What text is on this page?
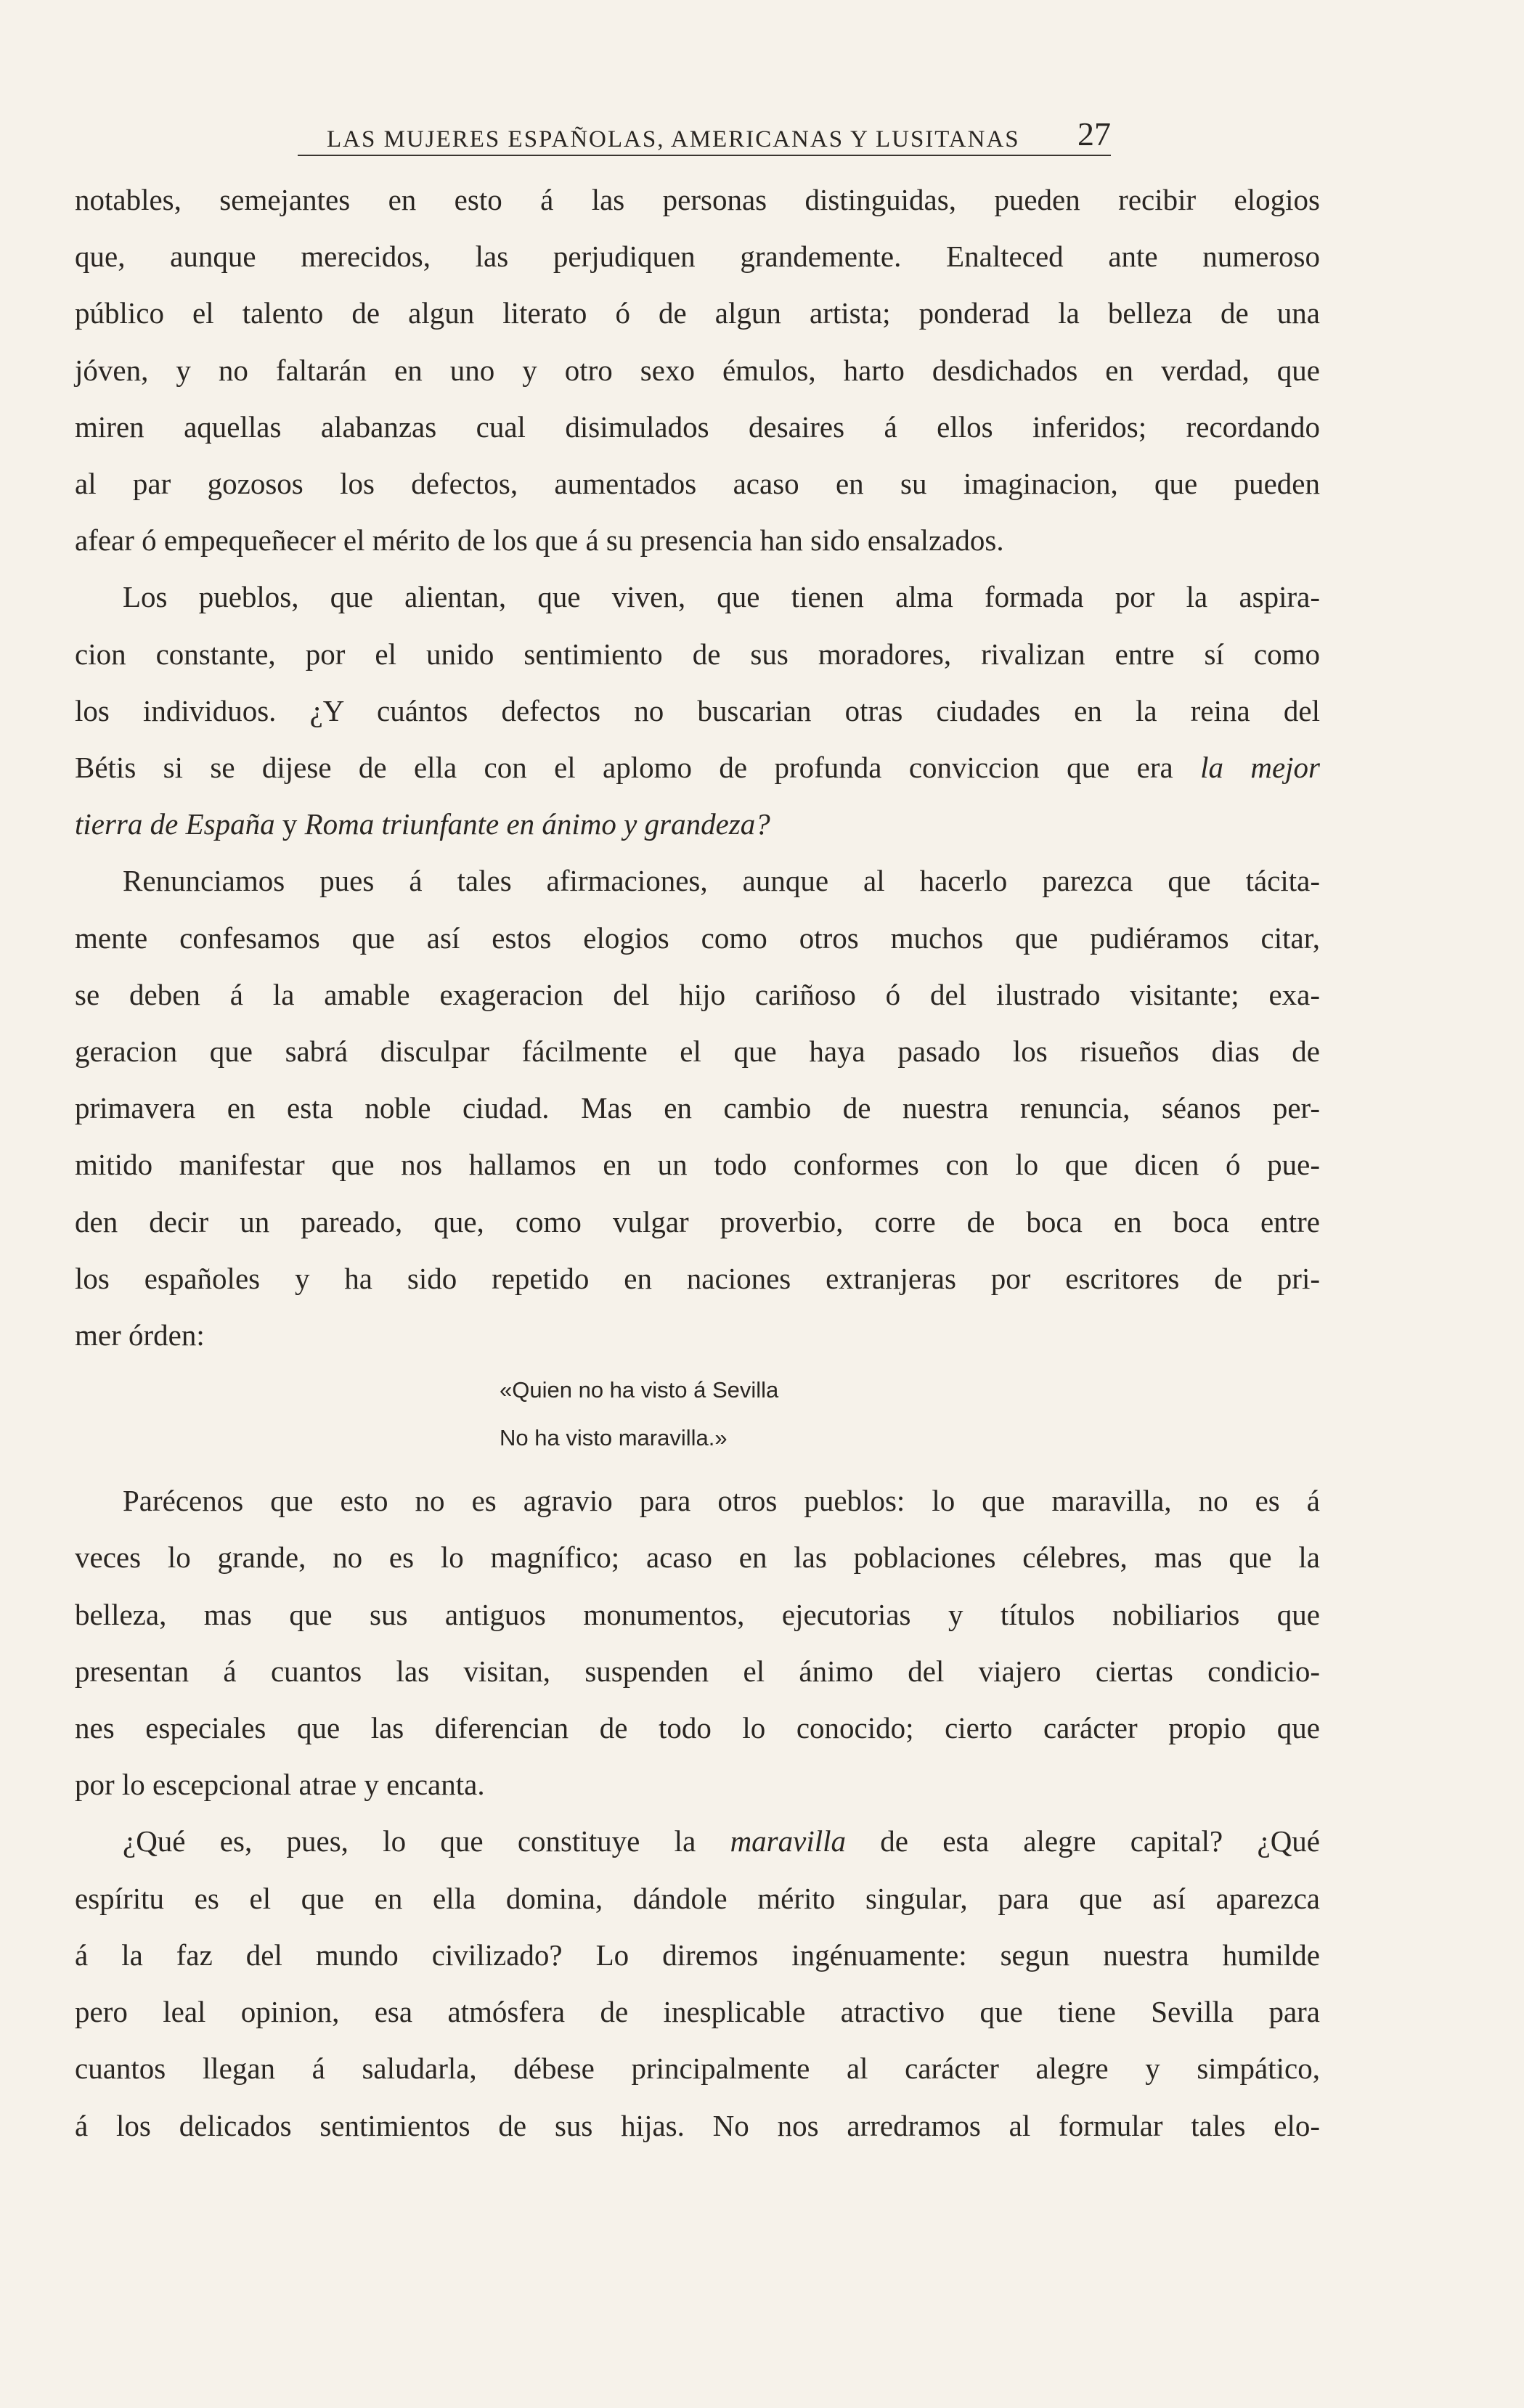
LAS MUJERES ESPAÑOLAS, AMERICANAS Y LUSITANAS 27
notables, semejantes en esto á las personas distinguidas, pueden recibir elogios
que, aunque merecidos, las perjudiquen grandemente. Enalteced ante numeroso
público el talento de algun literato ó de algun artista; ponderad la belleza de una
jóven, y no faltarán en uno y otro sexo émulos, harto desdichados en verdad, que
miren aquellas alabanzas cual disimulados desaires á ellos inferidos; recordando
al par gozosos los defectos, aumentados acaso en su imaginacion, que pueden
afear ó empequeñecer el mérito de los que á su presencia han sido ensalzados.
Los pueblos, que alientan, que viven, que tienen alma formada por la aspira-
cion constante, por el unido sentimiento de sus moradores, rivalizan entre sí como
los individuos. ¿Y cuántos defectos no buscarian otras ciudades en la reina del
Bétis si se dijese de ella con el aplomo de profunda conviccion que era la mejor
tierra de España y Roma triunfante en ánimo y grandeza?
Renunciamos pues á tales afirmaciones, aunque al hacerlo parezca que tácita-
mente confesamos que así estos elogios como otros muchos que pudiéramos citar,
se deben á la amable exageracion del hijo cariñoso ó del ilustrado visitante; exa-
geracion que sabrá disculpar fácilmente el que haya pasado los risueños dias de
primavera en esta noble ciudad. Mas en cambio de nuestra renuncia, séanos per-
mitido manifestar que nos hallamos en un todo conformes con lo que dicen ó pue-
den decir un pareado, que, como vulgar proverbio, corre de boca en boca entre
los españoles y ha sido repetido en naciones extranjeras por escritores de pri-
mer órden:
«Quien no ha visto á Sevilla
No ha visto maravilla.»
Parécenos que esto no es agravio para otros pueblos: lo que maravilla, no es á
veces lo grande, no es lo magnífico; acaso en las poblaciones célebres, mas que la
belleza, mas que sus antiguos monumentos, ejecutorias y títulos nobiliarios que
presentan á cuantos las visitan, suspenden el ánimo del viajero ciertas condicio-
nes especiales que las diferencian de todo lo conocido; cierto carácter propio que
por lo escepcional atrae y encanta.
¿Qué es, pues, lo que constituye la maravilla de esta alegre capital? ¿Qué
espíritu es el que en ella domina, dándole mérito singular, para que así aparezca
á la faz del mundo civilizado? Lo diremos ingénuamente: segun nuestra humilde
pero leal opinion, esa atmósfera de inesplicable atractivo que tiene Sevilla para
cuantos llegan á saludarla, débese principalmente al carácter alegre y simpático,
á los delicados sentimientos de sus hijas. No nos arredramos al formular tales elo-
